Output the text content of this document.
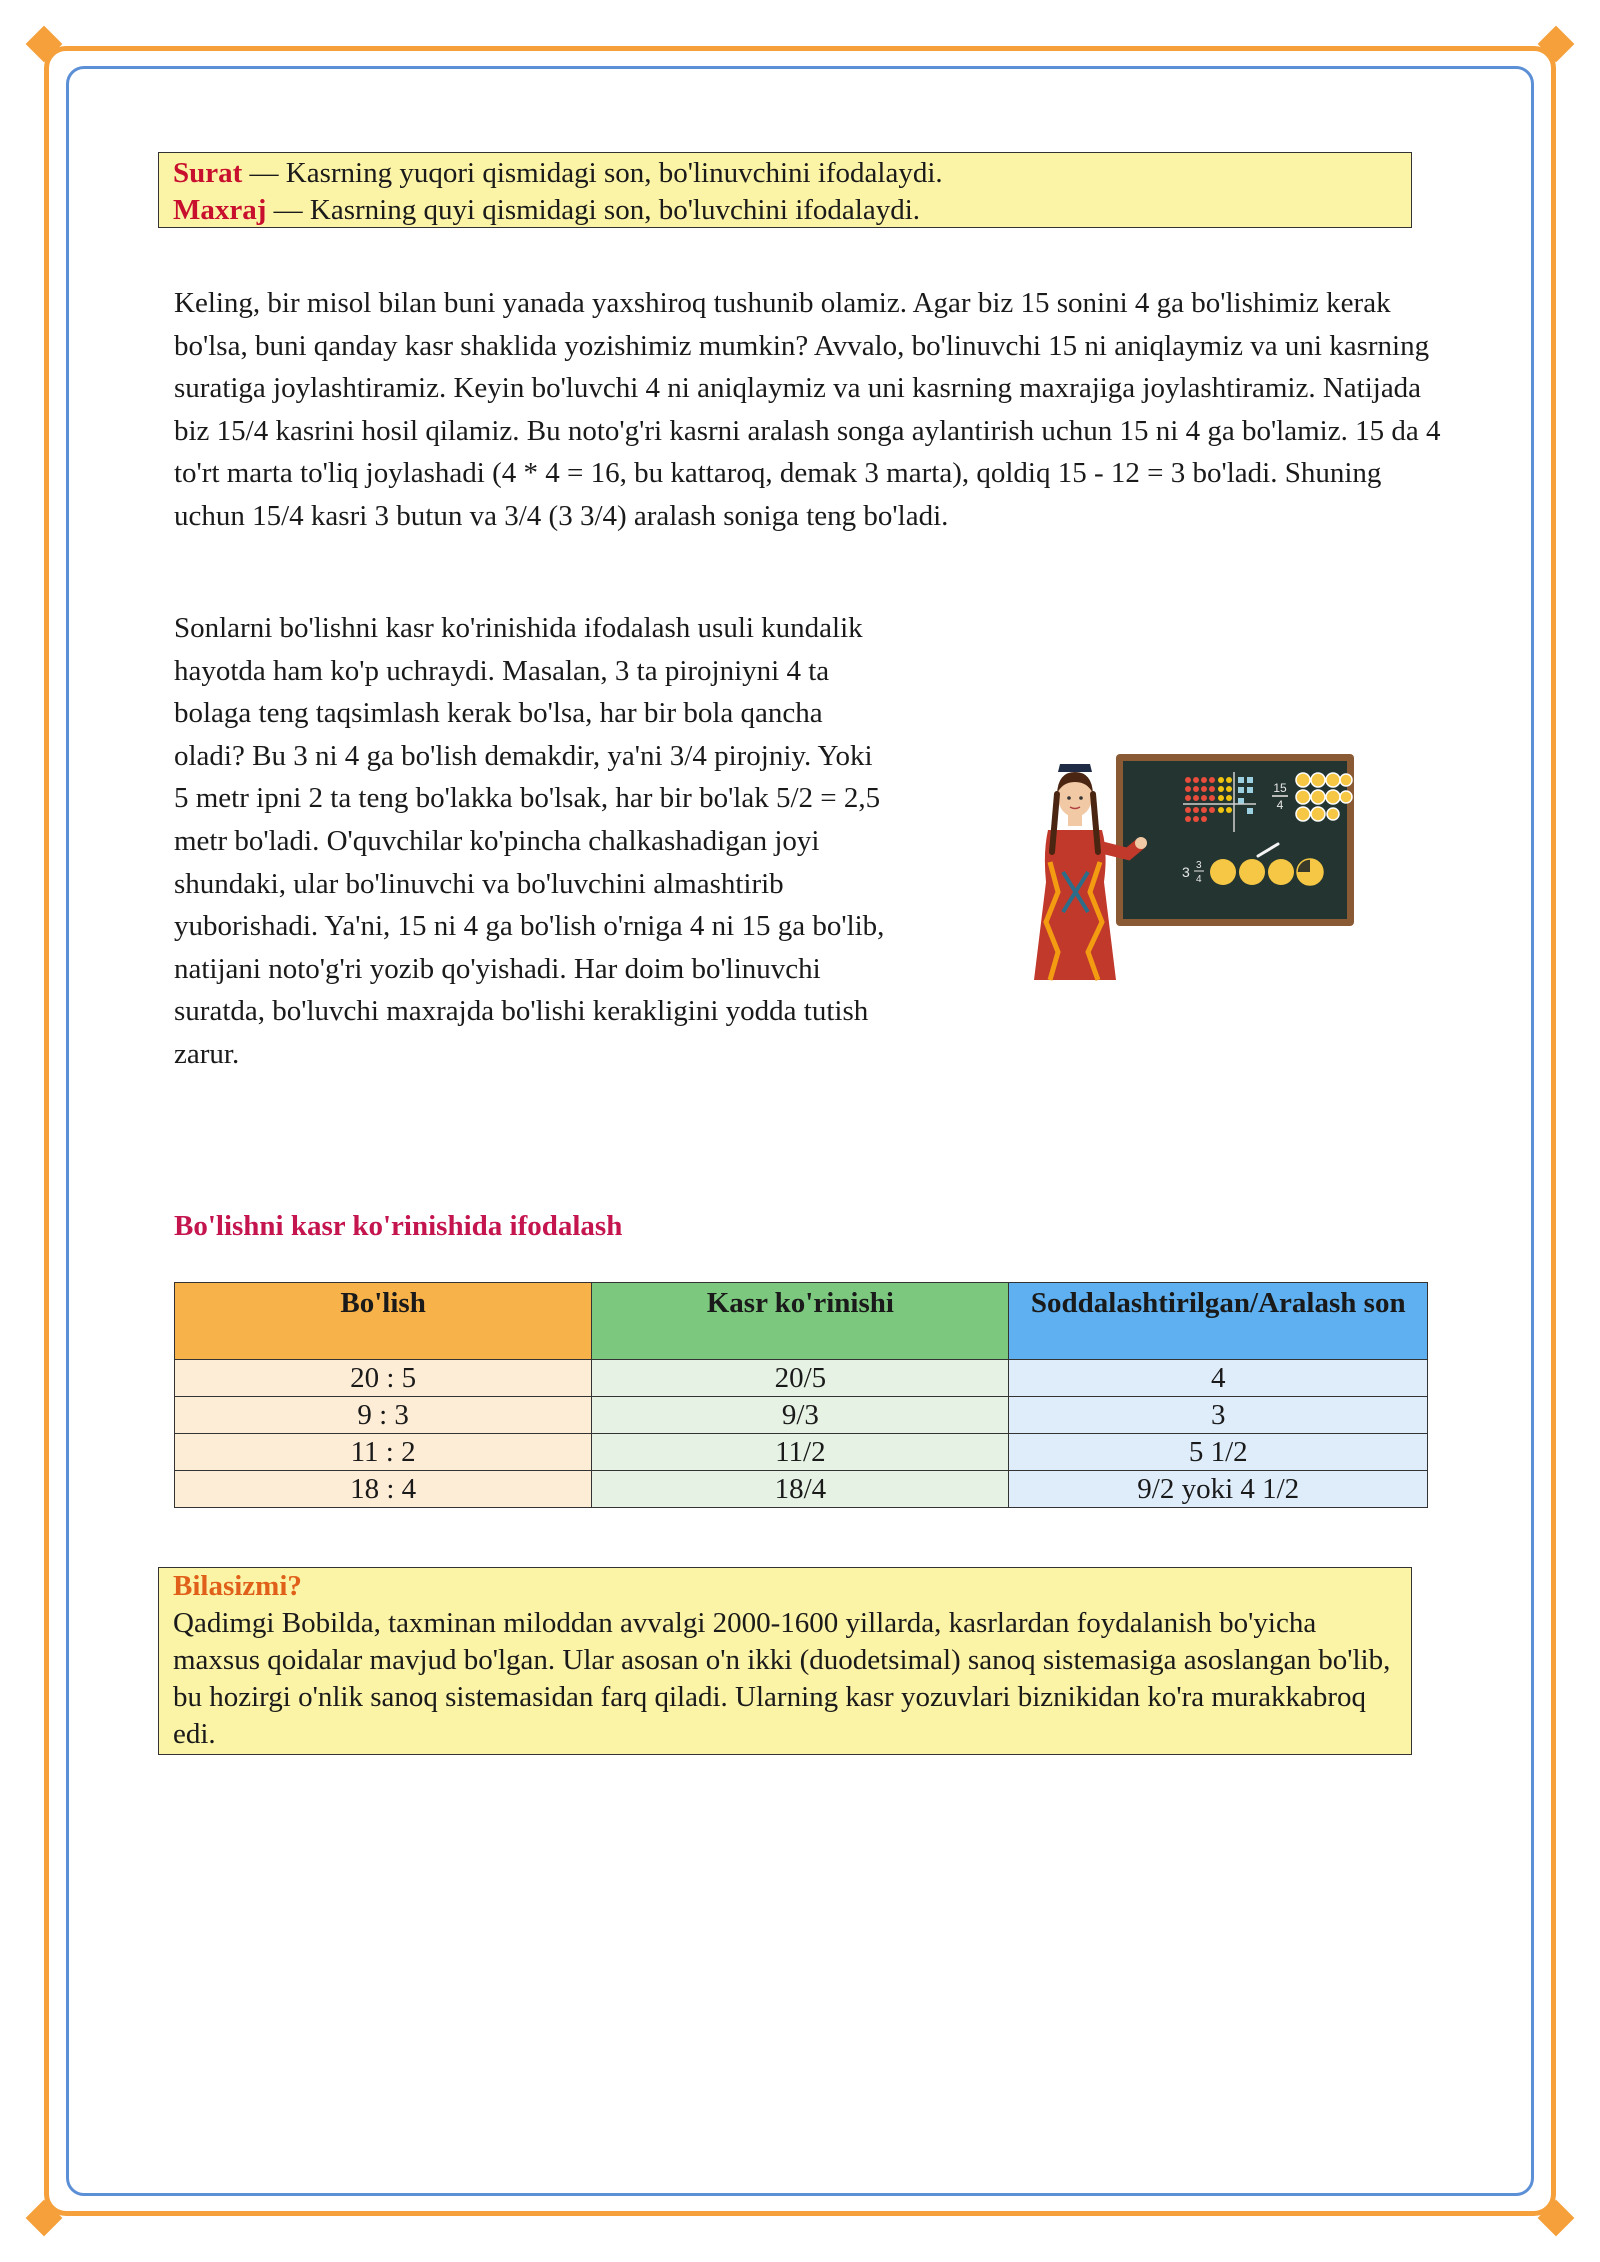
Surat — Kasrning yuqori qismidagi son, bo'linuvchini ifodalaydi.
Maxraj — Kasrning quyi qismidagi son, bo'luvchini ifodalaydi.
Keling, bir misol bilan buni yanada yaxshiroq tushunib olamiz. Agar biz 15 sonini 4 ga bo'lishimiz kerak bo'lsa, buni qanday kasr shaklida yozishimiz mumkin? Avvalo, bo'linuvchi 15 ni aniqlaymiz va uni kasrning suratiga joylashtiramiz. Keyin bo'luvchi 4 ni aniqlaymiz va uni kasrning maxrajiga joylashtiramiz. Natijada biz 15/4 kasrini hosil qilamiz. Bu noto'g'ri kasrni aralash songa aylantirish uchun 15 ni 4 ga bo'lamiz. 15 da 4 to'rt marta to'liq joylashadi (4 * 4 = 16, bu kattaroq, demak 3 marta), qoldiq 15 - 12 = 3 bo'ladi. Shuning uchun 15/4 kasri 3 butun va 3/4 (3 3/4) aralash soniga teng bo'ladi.
Sonlarni bo'lishni kasr ko'rinishida ifodalash usuli kundalik hayotda ham ko'p uchraydi. Masalan, 3 ta pirojniyni 4 ta bolaga teng taqsimlash kerak bo'lsa, har bir bola qancha oladi? Bu 3 ni 4 ga bo'lish demakdir, ya'ni 3/4 pirojniy. Yoki 5 metr ipni 2 ta teng bo'lakka bo'lsak, har bir bo'lak 5/2 = 2,5 metr bo'ladi. O'quvchilar ko'pincha chalkashadigan joyi shundaki, ular bo'linuvchi va bo'luvchini almashtirib yuborishadi. Ya'ni, 15 ni 4 ga bo'lish o'rniga 4 ni 15 ga bo'lib, natijani noto'g'ri yozib qo'yishadi. Har doim bo'linuvchi suratda, bo'luvchi maxrajda bo'lishi kerakligini yodda tutish zarur.
15
4
3 3
4
Bo'lishni kasr ko'rinishida ifodalash
Bo'lish	Kasr ko'rinishi	Soddalashtirilgan/Aralash son
20 : 5	20/5	4
9 : 3	9/3	3
11 : 2	11/2	5 1/2
18 : 4	18/4	9/2 yoki 4 1/2
Bilasizmi?
Qadimgi Bobilda, taxminan miloddan avvalgi 2000-1600 yillarda, kasrlardan foydalanish bo'yicha maxsus qoidalar mavjud bo'lgan. Ular asosan o'n ikki (duodetsimal) sanoq sistemasiga asoslangan bo'lib, bu hozirgi o'nlik sanoq sistemasidan farq qiladi. Ularning kasr yozuvlari biznikidan ko'ra murakkabroq edi.
